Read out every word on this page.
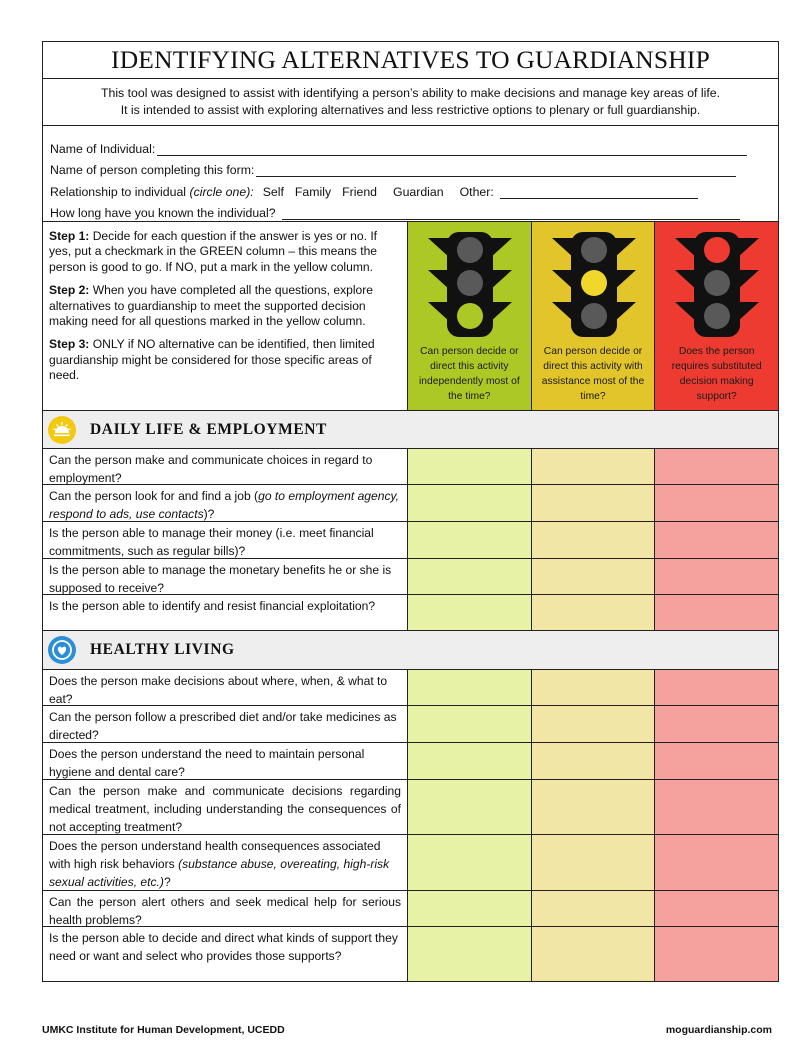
IDENTIFYING ALTERNATIVES TO GUARDIANSHIP
This tool was designed to assist with identifying a person’s ability to make decisions and manage key areas of life.
It is intended to assist with exploring alternatives and less restrictive options to plenary or full guardianship.
Name of Individual:
Name of person completing this form:
Relationship to individual
(circle one): Self Family Friend Guardian Other:
How long have you known the individual?

Step 1: Decide for each question if the answer is yes or no. If yes, put a checkmark in the GREEN column – this means the person is good to go. If NO, put a mark in the yellow column.

Step 2: When you have completed all the questions, explore alternatives to guardianship to meet the supported decision making need for all questions marked in the yellow column.

Step 3: ONLY if NO alternative can be identified, then limited guardianship might be considered for those specific areas of need.

Can person decide or direct this activity independently most of the time?
Can person decide or direct this activity with assistance most of the time?
Does the person requires substituted decision making support?
DAILY LIFE & EMPLOYMENT
Can the person make and communicate choices in regard to employment?
Can the person look for and find a job (go to employment agency, respond to ads, use contacts)?
Is the person able to manage their money (i.e. meet financial commitments, such as regular bills)?
Is the person able to manage the monetary benefits he or she is supposed to receive?
Is the person able to identify and resist financial exploitation?
HEALTHY LIVING
Does the person make decisions about where, when, & what to eat?
Can the person follow a prescribed diet and/or take medicines as directed?
Does the person understand the need to maintain personal hygiene and dental care?
Can the person make and communicate decisions regarding medical treatment, including understanding the consequences of not accepting treatment?
Does the person understand health consequences associated with high risk behaviors (substance abuse, overeating, high-risk sexual activities, etc.)?
Can the person alert others and seek medical help for serious health problems?
Is the person able to decide and direct what kinds of support they need or want and select who provides those supports?
UMKC Institute for Human Development, UCEDD	moguardianship.com
